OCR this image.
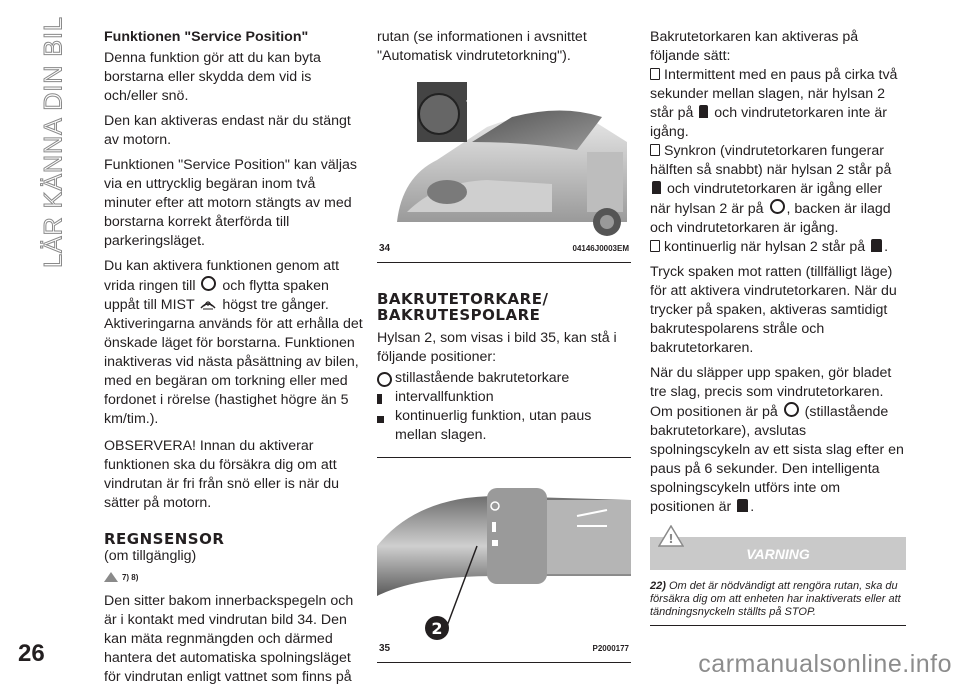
LÄR KÄNNA DIN BIL
26	carmanualsonline.info

Funktionen "Service Position"

Denna funktion gör att du kan byta borstarna eller skydda dem vid is och/eller snö.

Den kan aktiveras endast när du stängt av motorn.

Funktionen "Service Position" kan väljas via en uttrycklig begäran inom två minuter efter att motorn stängts av med borstarna korrekt återförda till parkeringsläget.

Du kan aktivera funktionen genom att vrida ringen till och flytta spaken uppåt till MIST högst tre gånger. Aktiveringarna används för att erhålla det önskade läget för borstarna. Funktionen inaktiveras vid nästa påsättning av bilen, med en begäran om torkning eller med fordonet i rörelse (hastighet högre än 5 km/tim.).

OBSERVERA! Innan du aktiverar funktionen ska du försäkra dig om att vindrutan är fri från snö eller is när du sätter på motorn.

REGNSENSOR

(om tillgänglig)

7) 8)

Den sitter bakom innerbackspegeln och är i kontakt med vindrutan bild 34. Den kan mäta regnmängden och därmed hantera det automatiska spolningsläget för vindrutan enligt vattnet som finns på

rutan (se informationen i avsnittet "Automatisk vindrutetorkning").

34	04146J0003EM
BAKRUTETORKARE/ BAKRUTESPOLARE

Hylsan 2, som visas i bild 35, kan stå i följande positioner:

stillastående bakrutetorkare
intervallfunktion
kontinuerlig funktion, utan paus mellan slagen.
2
35	P2000177

Bakrutetorkaren kan aktiveras på följande sätt:

Intermittent med en paus på cirka två sekunder mellan slagen, när hylsan 2 står på och vindrutetorkaren inte är igång.

Synkron (vindrutetorkaren fungerar hälften så snabbt) när hylsan 2 står på  och vindrutetorkaren är igång eller när hylsan 2 är på , backen är ilagd och vindrutetorkaren är igång.

kontinuerlig när hylsan 2 står på .

Tryck spaken mot ratten (tillfälligt läge) för att aktivera vindrutetorkaren. När du trycker på spaken, aktiveras samtidigt bakrutespolarens stråle och bakrutetorkaren.

När du släpper upp spaken, gör bladet tre slag, precis som vindrutetorkaren. Om positionen är på (stillastående bakrutetorkare), avslutas spolningscykeln av ett sista slag efter en paus på 6 sekunder. Den intelligenta spolningscykeln utförs inte om positionen är .

!
VARNING
22) Om det är nödvändigt att rengöra rutan, ska du försäkra dig om att enheten har inaktiverats eller att tändningsnyckeln ställts på STOP.
